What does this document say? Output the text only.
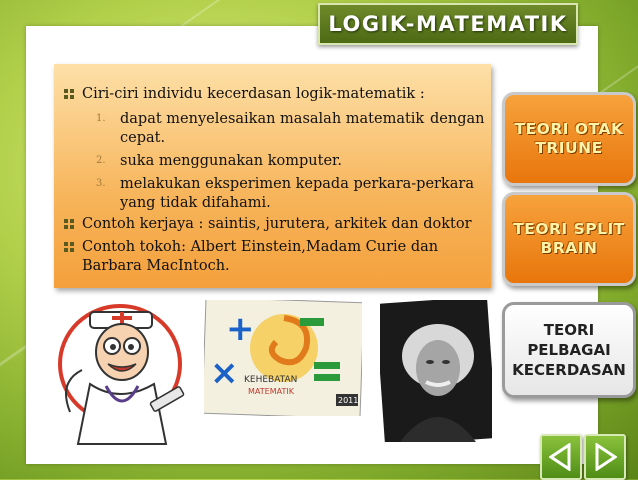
LOGIK-MATEMATIK
Ciri-ciri individu kecerdasan logik-matematik :
1. dapat menyelesaikan masalah matematik dengan
cepat.
2. suka menggunakan komputer.
3. melakukan eksperimen kepada perkara-perkara
yang tidak difahami.
Contoh kerjaya : saintis, jurutera, arkitek dan doktor
Contoh tokoh: Albert Einstein,Madam Curie dan
Barbara MacIntoch.
TEORI OTAK
TRIUNE
TEORI SPLIT
BRAIN
TEORI
PELBAGAI
KECERDASAN
+
× KEHEBATAN
MATEMATIK
2011
